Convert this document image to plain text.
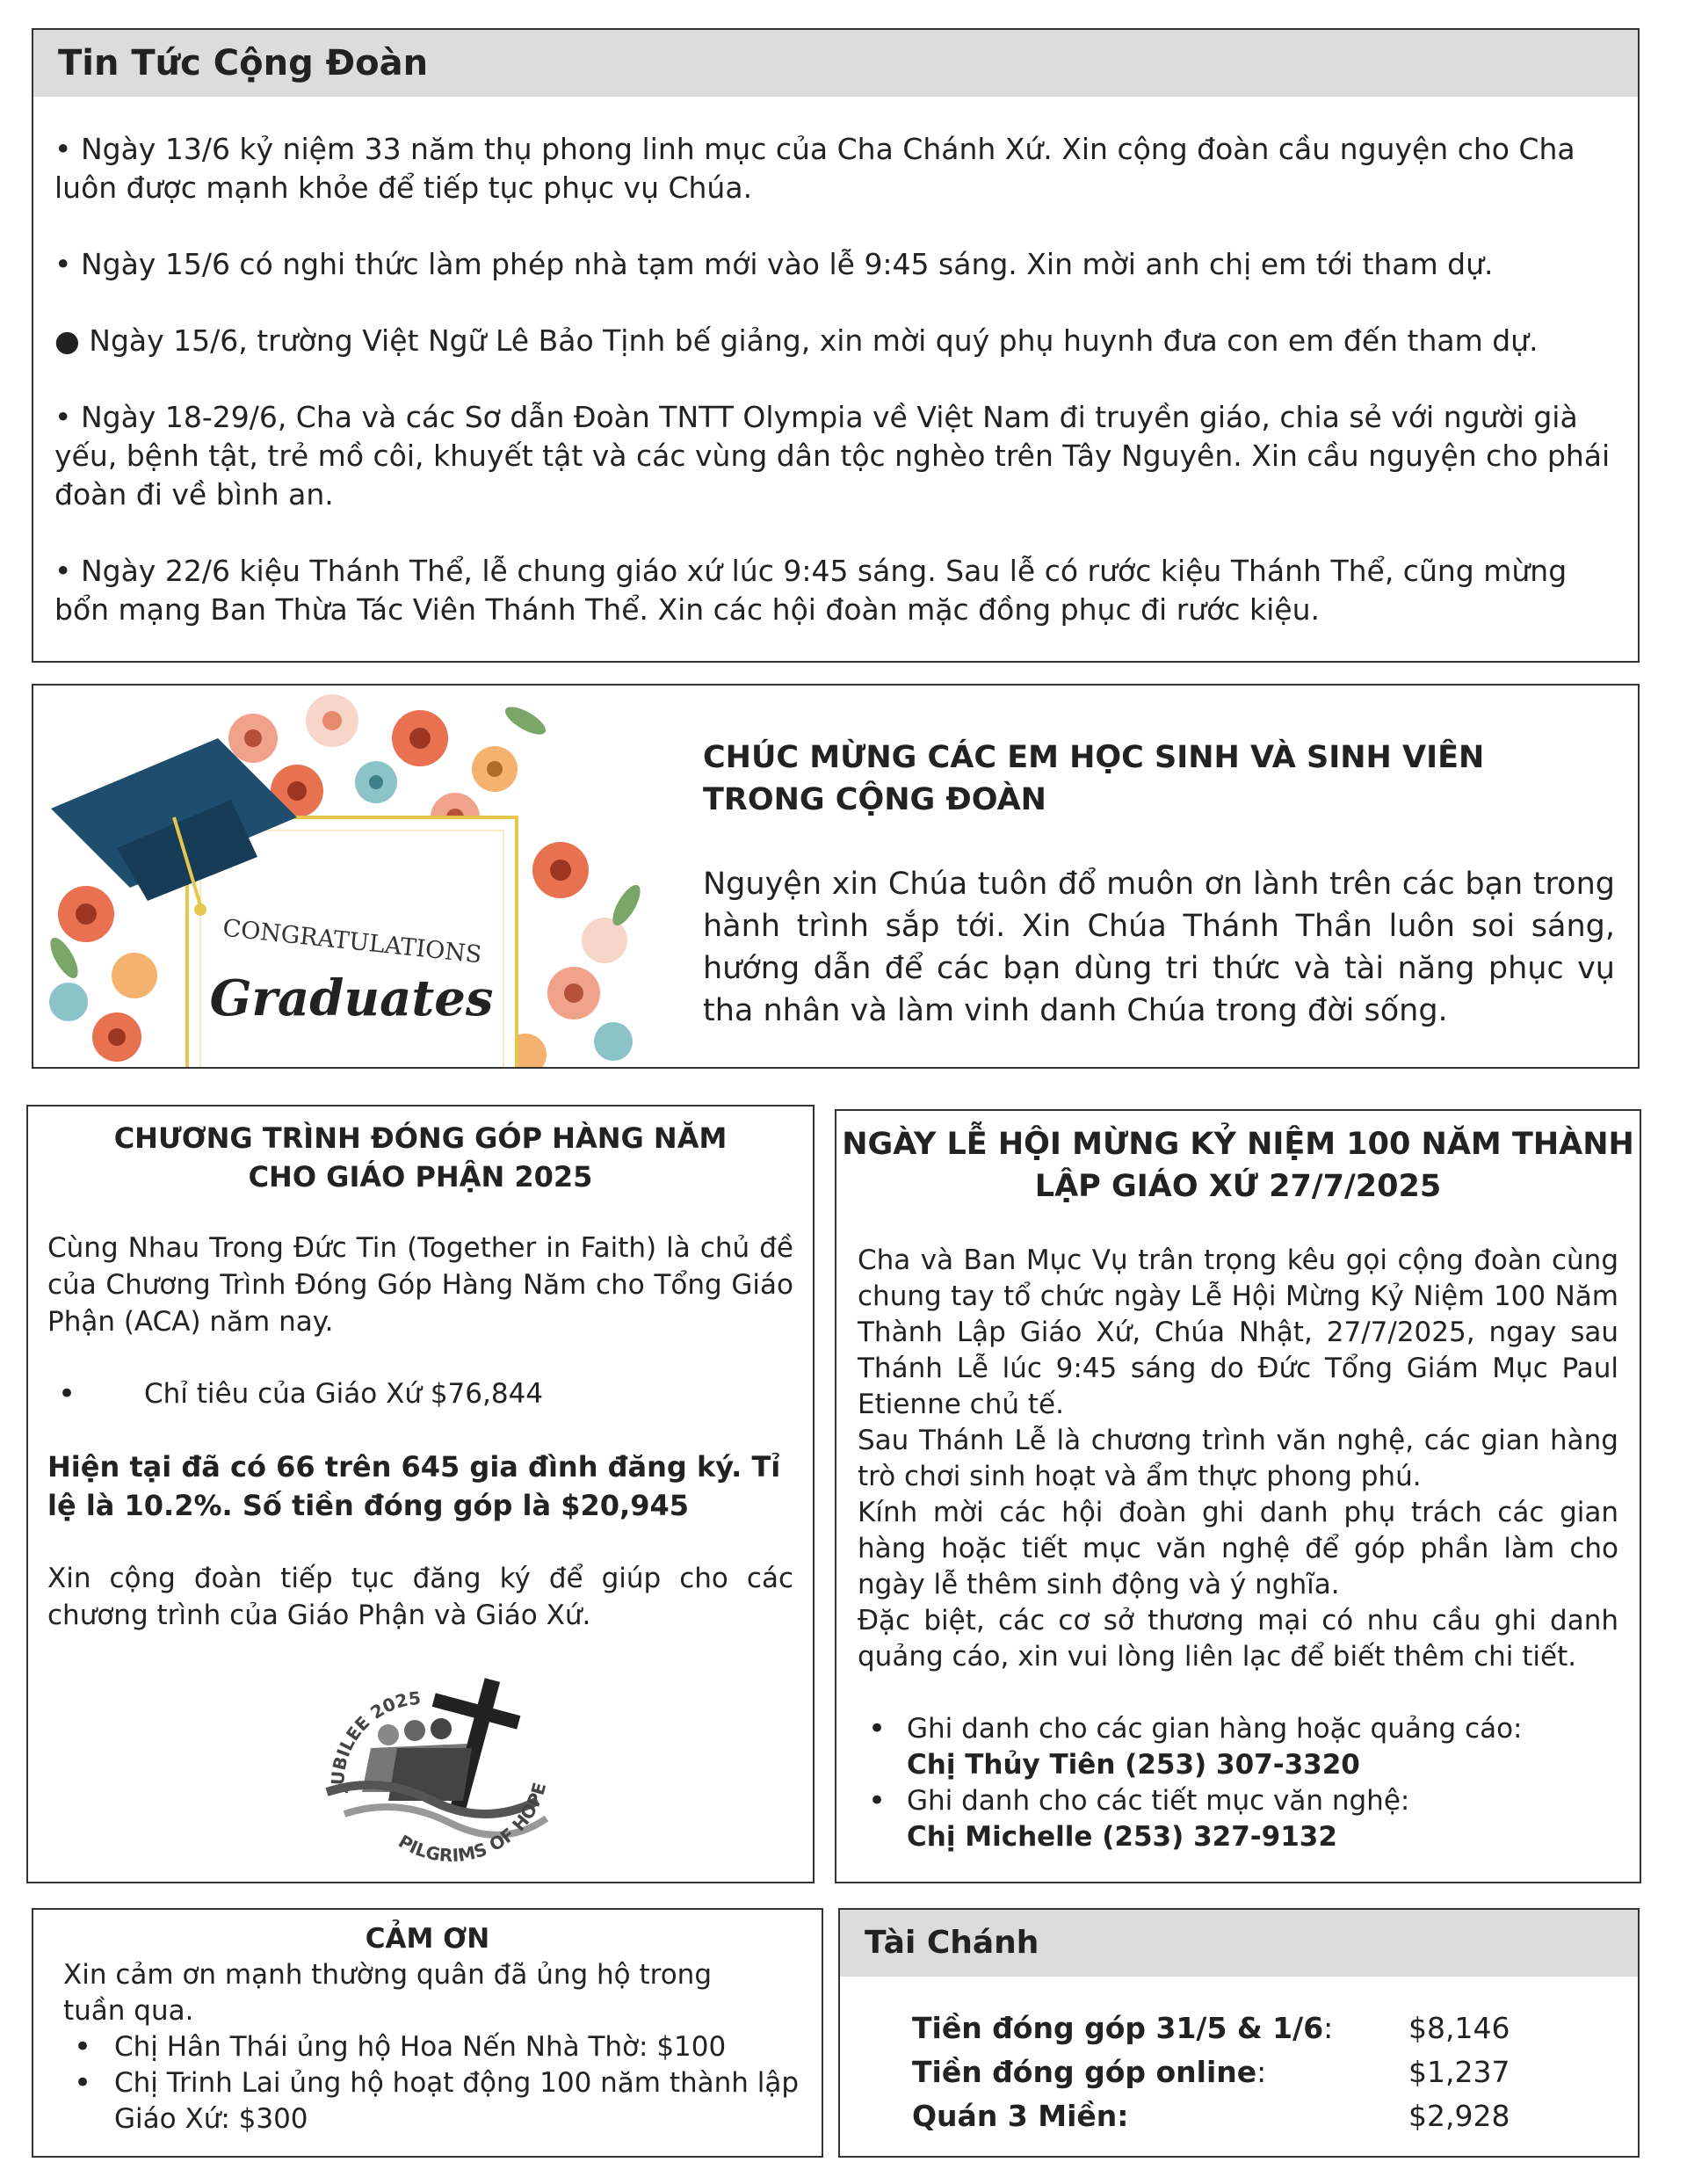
Tin Tức Cộng Đoàn
• Ngày 13/6 kỷ niệm 33 năm thụ phong linh mục của Cha Chánh Xứ. Xin cộng đoàn cầu nguyện cho Cha luôn được mạnh khỏe để tiếp tục phục vụ Chúa.
• Ngày 15/6 có nghi thức làm phép nhà tạm mới vào lễ 9:45 sáng. Xin mời anh chị em tới tham dự.
● Ngày 15/6, trường Việt Ngữ Lê Bảo Tịnh bế giảng, xin mời quý phụ huynh đưa con em đến tham dự.
• Ngày 18-29/6, Cha và các Sơ dẫn Đoàn TNTT Olympia về Việt Nam đi truyền giáo, chia sẻ với người già yếu, bệnh tật, trẻ mồ côi, khuyết tật và các vùng dân tộc nghèo trên Tây Nguyên. Xin cầu nguyện cho phái đoàn đi về bình an.
• Ngày 22/6 kiệu Thánh Thể, lễ chung giáo xứ lúc 9:45 sáng. Sau lễ có rước kiệu Thánh Thể, cũng mừng bổn mạng Ban Thừa Tác Viên Thánh Thể. Xin các hội đoàn mặc đồng phục đi rước kiệu.
CONGRATULATIONS
Graduates
CHÚC MỪNG CÁC EM HỌC SINH VÀ SINH VIÊN
TRONG CỘNG ĐOÀN
Nguyện xin Chúa tuôn đổ muôn ơn lành trên các bạn trong hành trình sắp tới. Xin Chúa Thánh Thần luôn soi sáng, hướng dẫn để các bạn dùng tri thức và tài năng phục vụ tha nhân và làm vinh danh Chúa trong đời sống.
CHƯƠNG TRÌNH ĐÓNG GÓP HÀNG NĂM
CHO GIÁO PHẬN 2025
Cùng Nhau Trong Đức Tin (Together in Faith) là chủ đề của Chương Trình Đóng Góp Hàng Năm cho Tổng Giáo Phận (ACA) năm nay.
• Chỉ tiêu của Giáo Xứ $76,844
Hiện tại đã có 66 trên 645 gia đình đăng ký. Tỉ lệ là 10.2%. Số tiền đóng góp là $20,945
Xin cộng đoàn tiếp tục đăng ký để giúp cho các chương trình của Giáo Phận và Giáo Xứ.
JUBILEE 2025
PILGRIMS OF HOPE
NGÀY LỄ HỘI MỪNG KỶ NIỆM 100 NĂM THÀNH
LẬP GIÁO XỨ 27/7/2025
Cha và Ban Mục Vụ trân trọng kêu gọi cộng đoàn cùng chung tay tổ chức ngày Lễ Hội Mừng Kỷ Niệm 100 Năm Thành Lập Giáo Xứ, Chúa Nhật, 27/7/2025, ngay sau Thánh Lễ lúc 9:45 sáng do Đức Tổng Giám Mục Paul Etienne chủ tế.
Sau Thánh Lễ là chương trình văn nghệ, các gian hàng trò chơi sinh hoạt và ẩm thực phong phú.
Kính mời các hội đoàn ghi danh phụ trách các gian hàng hoặc tiết mục văn nghệ để góp phần làm cho ngày lễ thêm sinh động và ý nghĩa.
Đặc biệt, các cơ sở thương mại có nhu cầu ghi danh quảng cáo, xin vui lòng liên lạc để biết thêm chi tiết.
• Ghi danh cho các gian hàng hoặc quảng cáo:
Chị Thủy Tiên (253) 307-3320
• Ghi danh cho các tiết mục văn nghệ:
Chị Michelle (253) 327-9132
CẢM ƠN
Xin cảm ơn mạnh thường quân đã ủng hộ trong tuần qua.
• Chị Hân Thái ủng hộ Hoa Nến Nhà Thờ: $100
• Chị Trinh Lai ủng hộ hoạt động 100 năm thành lập Giáo Xứ: $300
Tài Chánh
Tiền đóng góp 31/5 & 1/6:	$8,146
Tiền đóng góp online:	$1,237
Quán 3 Miền:	$2,928
